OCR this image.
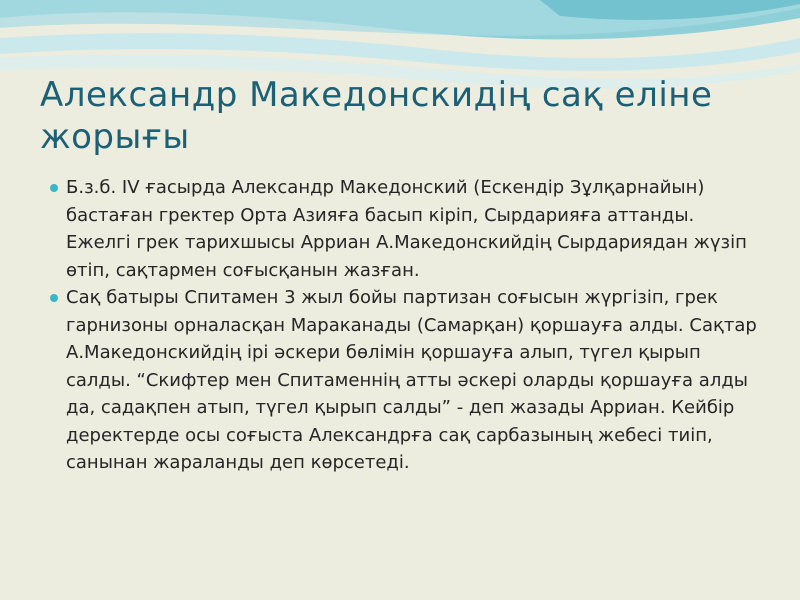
Александр Македонскидің сақ еліне жорығы
Б.з.б. IV ғасырда Александр Македонский (Ескендір Зұлқарнайын) бастаған гректер Орта Азияға басып кіріп, Сырдарияға аттанды. Ежелгі грек тарихшысы Арриан А.Македонскийдің Сырдариядан жүзіп өтіп, сақтармен соғысқанын жазған.
Сақ батыры Спитамен 3 жыл бойы партизан соғысын жүргізіп, грек гарнизоны орналасқан Мараканады (Самарқан) қоршауға алды. Сақтар А.Македонскийдің ірі әскери бөлімін қоршауға алып, түгел қырып салды. “Скифтер мен Спитаменнің атты әскері оларды қоршауға алды да, садақпен атып, түгел қырып салды” - деп жазады Арриан. Кейбір деректерде осы соғыста Александрға сақ сарбазының жебесі тиіп, санынан жараланды деп көрсетеді.
